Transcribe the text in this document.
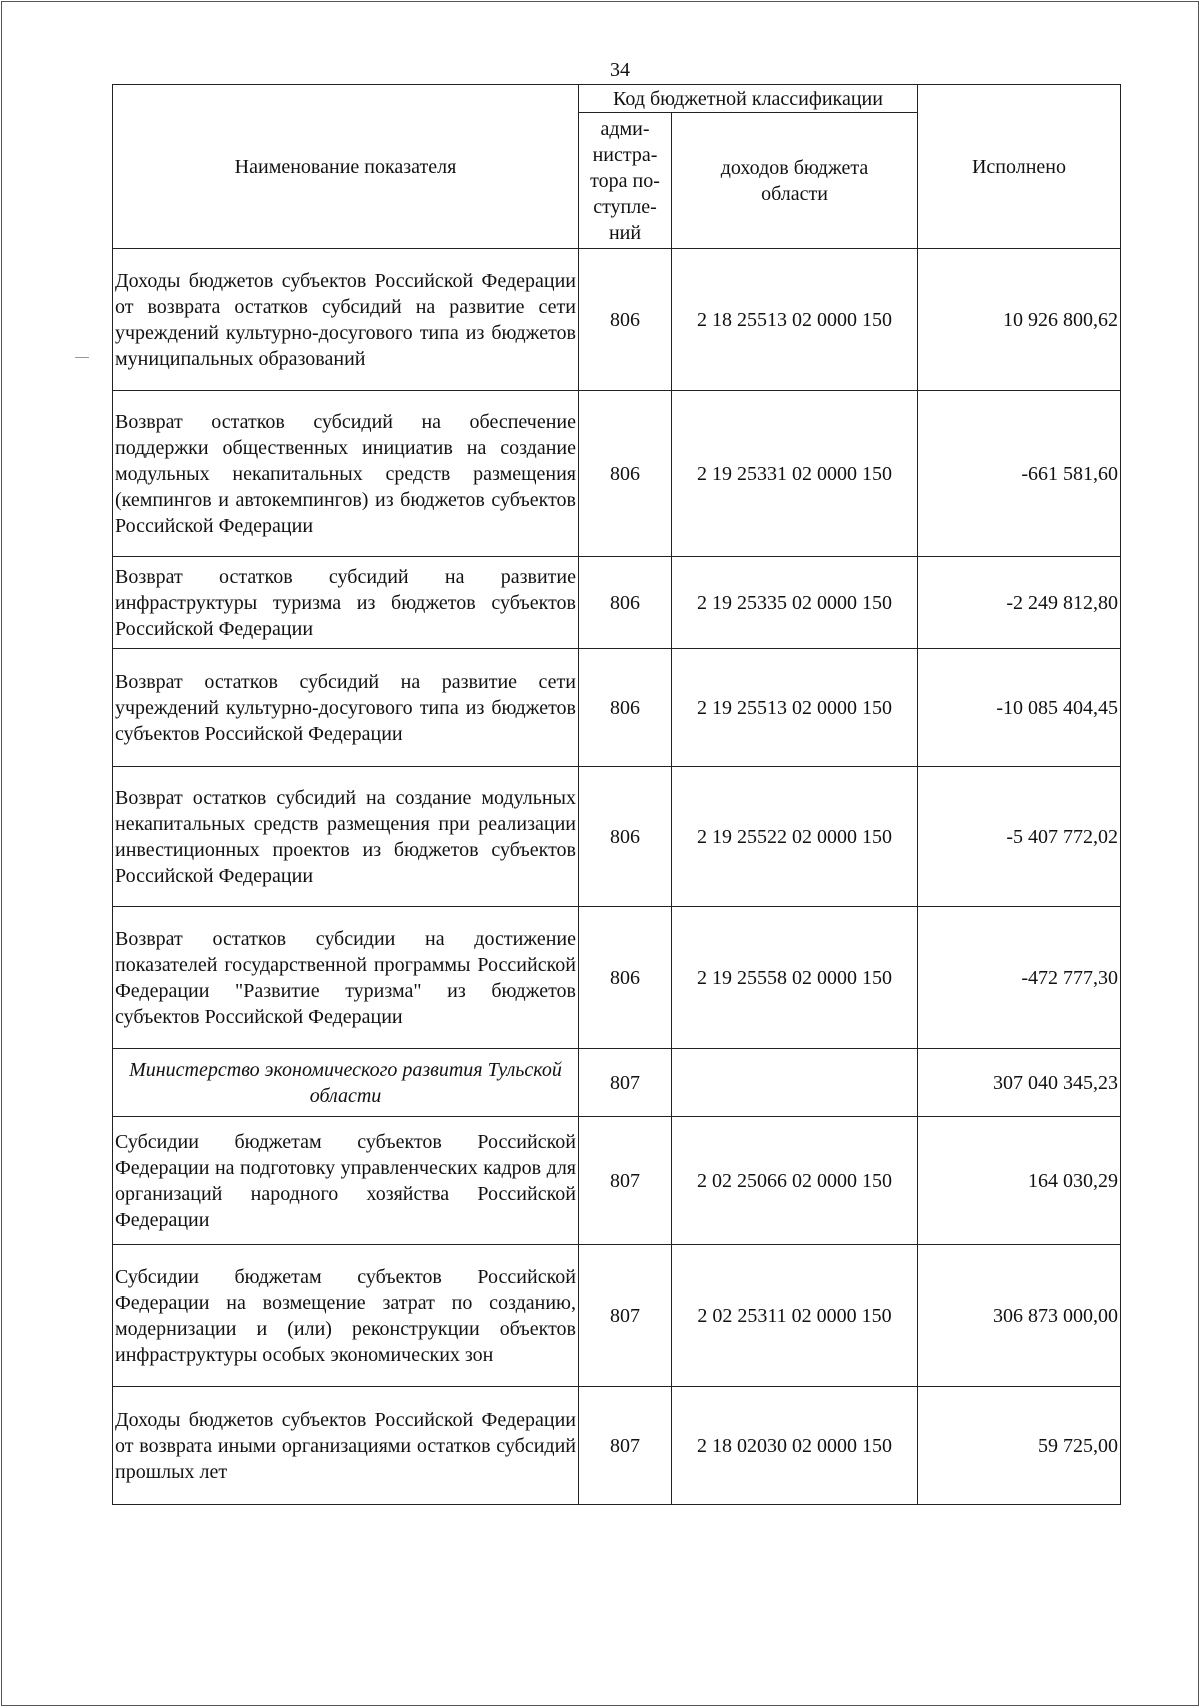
34
Наименование показателя	Код бюджетной классификации		Исполнено
	адми-
нистра-
тора по-
ступле-
ний	доходов бюджета
области	
Доходы бюджетов субъектов Российской Федерации от возврата остатков субсидий на развитие сети учреждений культурно-досугового типа из бюджетов муниципальных образований	806	2 18 25513 02 0000 150	10 926 800,62
Возврат остатков субсидий на обеспечение поддержки общественных инициатив на создание модульных некапитальных средств размещения (кемпингов и автокемпингов) из бюджетов субъектов Российской Федерации	806	2 19 25331 02 0000 150	-661 581,60
Возврат остатков субсидий на развитие инфраструктуры туризма из бюджетов субъектов Российской Федерации	806	2 19 25335 02 0000 150	-2 249 812,80
Возврат остатков субсидий на развитие сети учреждений культурно-досугового типа из бюджетов субъектов Российской Федерации	806	2 19 25513 02 0000 150	-10 085 404,45
Возврат остатков субсидий на создание модульных некапитальных средств размещения при реализации инвестиционных проектов из бюджетов субъектов Российской Федерации	806	2 19 25522 02 0000 150	-5 407 772,02
Возврат остатков субсидии на достижение показателей государственной программы Российской Федерации "Развитие туризма" из бюджетов субъектов Российской Федерации	806	2 19 25558 02 0000 150	-472 777,30
Министерство экономического развития Тульской области	807		307 040 345,23
Субсидии бюджетам субъектов Российской Федерации на подготовку управленческих кадров для организаций народного хозяйства Российской Федерации	807	2 02 25066 02 0000 150	164 030,29
Субсидии бюджетам субъектов Российской Федерации на возмещение затрат по созданию, модернизации и (или) реконструкции объектов инфраструктуры особых экономических зон	807	2 02 25311 02 0000 150	306 873 000,00
Доходы бюджетов субъектов Российской Федерации от возврата иными организациями остатков субсидий прошлых лет	807	2 18 02030 02 0000 150	59 725,00
